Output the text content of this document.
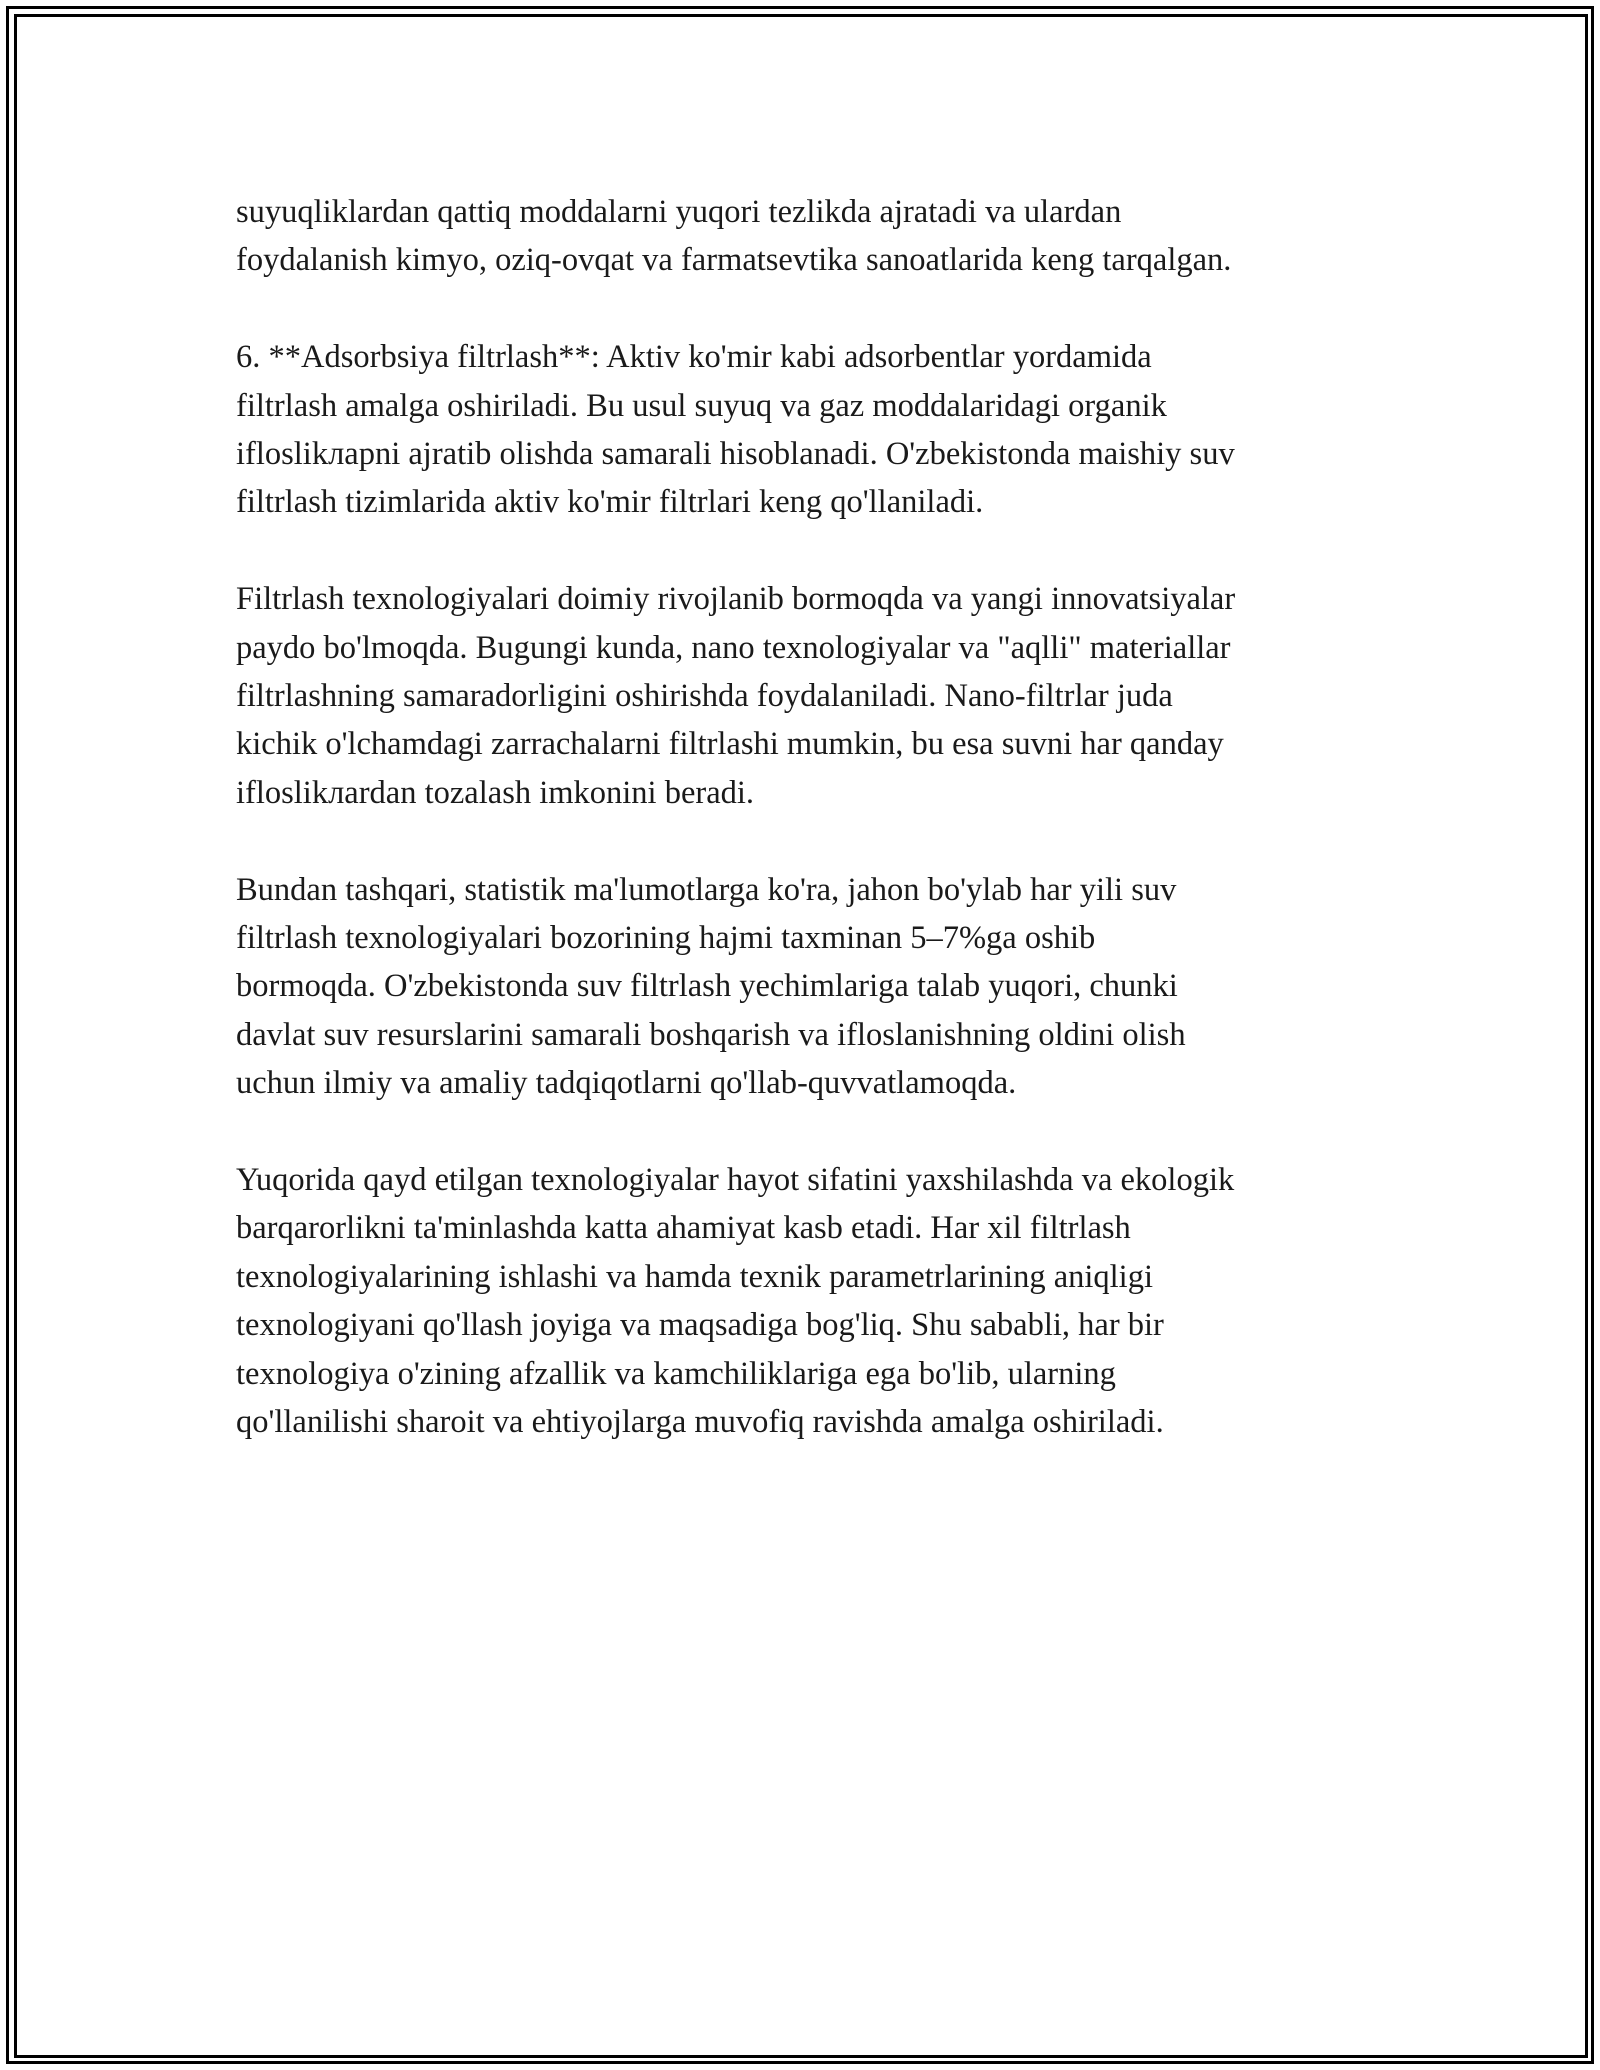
suyuqliklardan qattiq moddalarni yuqori tezlikda ajratadi va ulardan
foydalanish kimyo, oziq-ovqat va farmatsevtika sanoatlarida keng tarqalgan.

6. **Adsorbsiya filtrlash**: Aktiv ko'mir kabi adsorbentlar yordamida
filtrlash amalga oshiriladi. Bu usul suyuq va gaz moddalaridagi organik
ifloslikларni ajratib olishda samarali hisoblanadi. O'zbekistonda maishiy suv
filtrlash tizimlarida aktiv ko'mir filtrlari keng qo'llaniladi.

Filtrlash texnologiyalari doimiy rivojlanib bormoqda va yangi innovatsiyalar
paydo bo'lmoqda. Bugungi kunda, nano texnologiyalar va "aqlli" materiallar
filtrlashning samaradorligini oshirishda foydalaniladi. Nano-filtrlar juda
kichik o'lchamdagi zarrachalarni filtrlashi mumkin, bu esa suvni har qanday
ifloslikлardan tozalash imkonini beradi.

Bundan tashqari, statistik ma'lumotlarga ko'ra, jahon bo'ylab har yili suv
filtrlash texnologiyalari bozorining hajmi taxminan 5–7%ga oshib
bormoqda. O'zbekistonda suv filtrlash yechimlariga talab yuqori, chunki
davlat suv resurslarini samarali boshqarish va ifloslanishning oldini olish
uchun ilmiy va amaliy tadqiqotlarni qo'llab-quvvatlamoqda.

Yuqorida qayd etilgan texnologiyalar hayot sifatini yaxshilashda va ekologik
barqarorlikni ta'minlashda katta ahamiyat kasb etadi. Har xil filtrlash
texnologiyalarining ishlashi va hamda texnik parametrlarining aniqligi
texnologiyani qo'llash joyiga va maqsadiga bog'liq. Shu sababli, har bir
texnologiya o'zining afzallik va kamchiliklariga ega bo'lib, ularning
qo'llanilishi sharoit va ehtiyojlarga muvofiq ravishda amalga oshiriladi.
